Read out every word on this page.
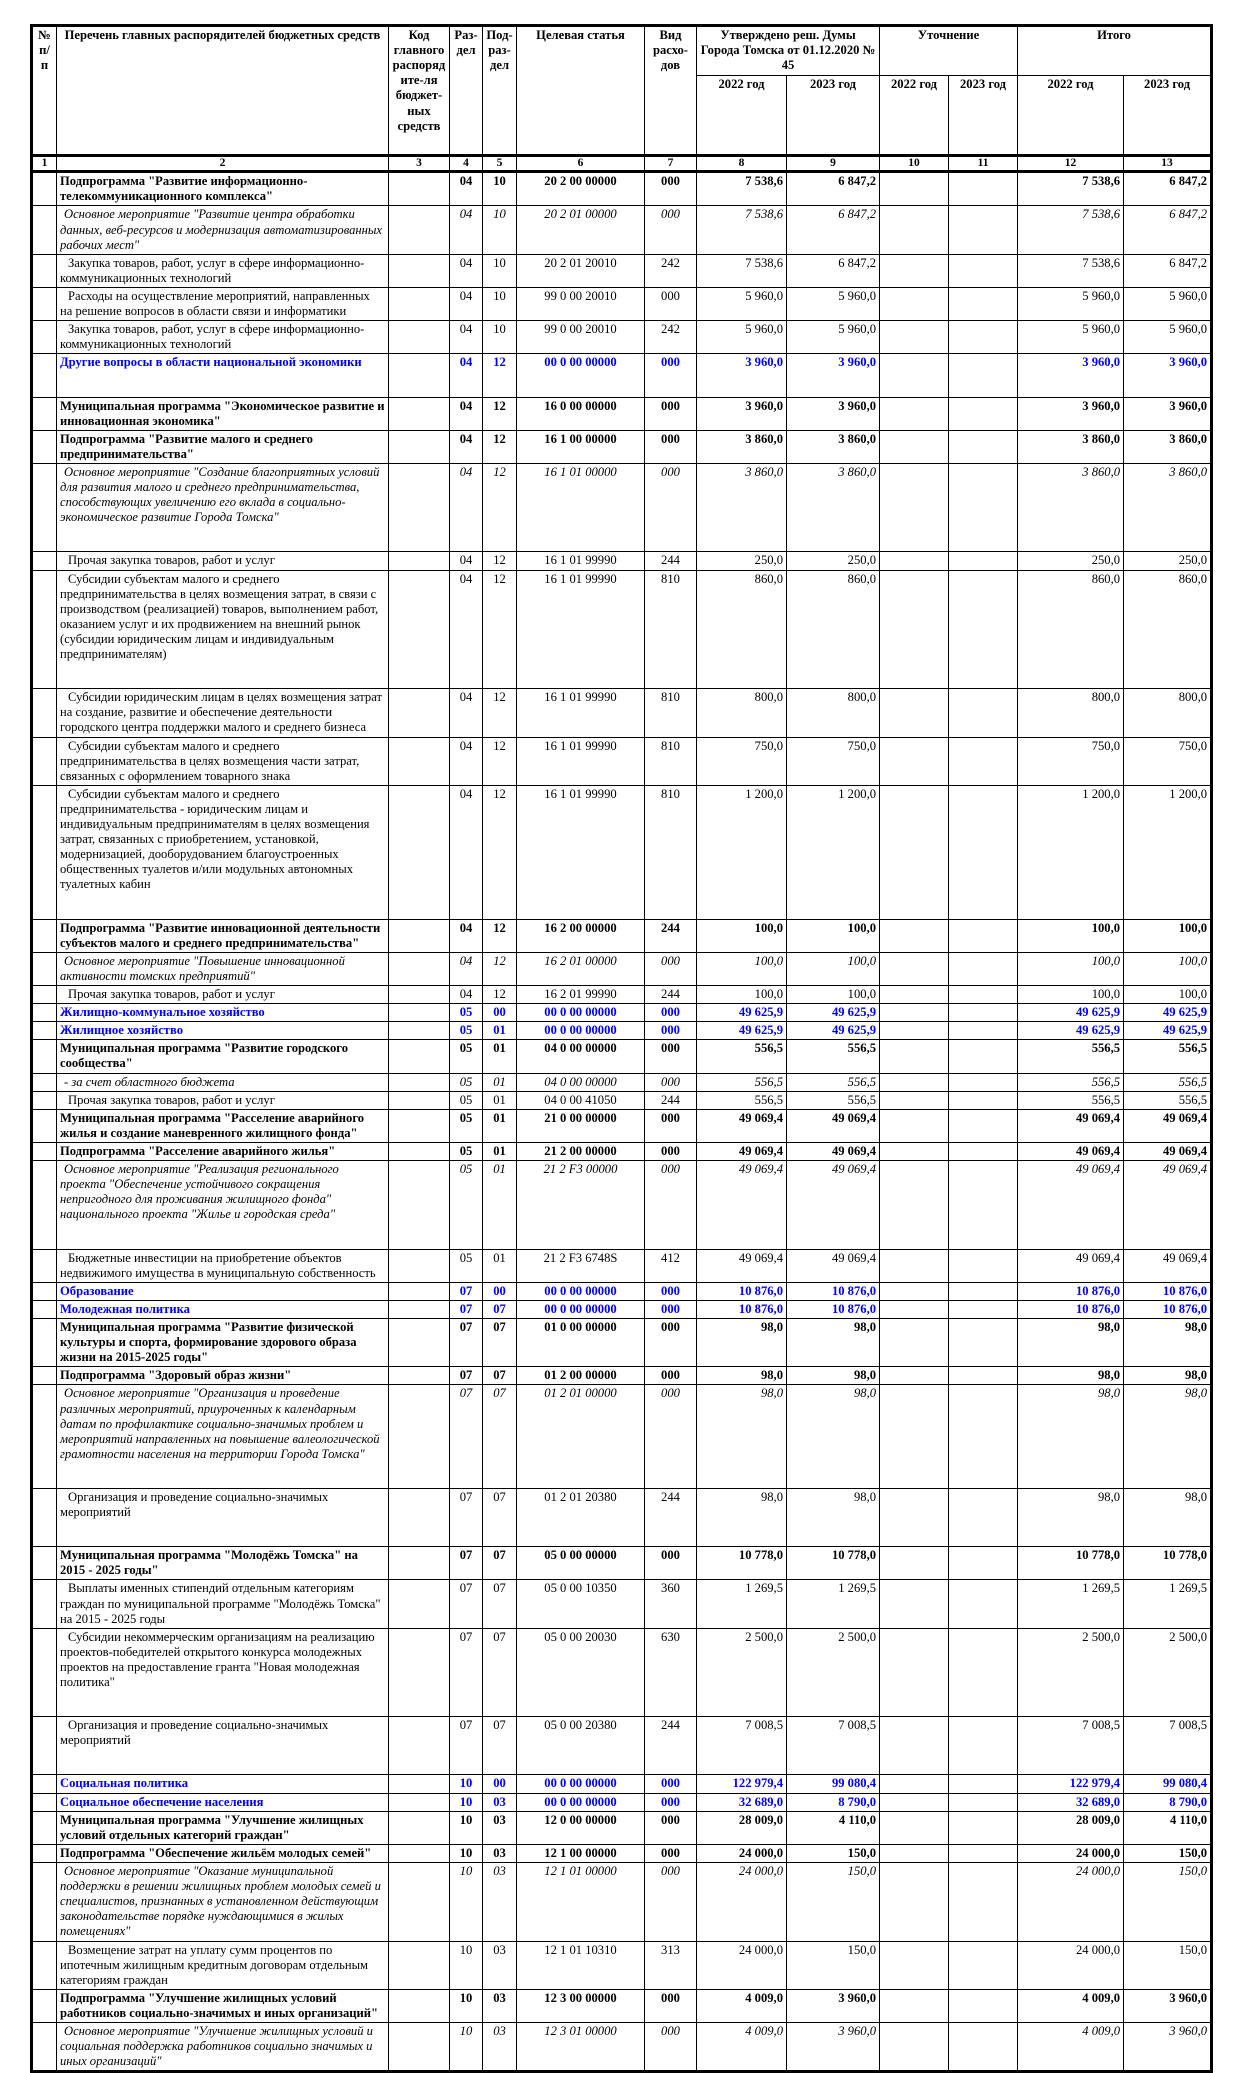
№ п/п	Перечень главных распорядителей бюджетных средств	Код главного распорядите-ля бюджет-ных средств	Раз-дел	Под-раз-дел	Целевая статья	Вид расхо-дов	Утверждено реш. Думы Города Томска от 01.12.2020 № 45		Уточнение		Итого	
							2022 год	2023 год	2022 год	2023 год	2022 год	2023 год
1	2	3	4	5	6	7	8	9	10	11	12	13
	Подпрограмма "Развитие информационно-телекоммуникационного комплекса"		04	10	20 2 00 00000	000	7 538,6	6 847,2			7 538,6	6 847,2
	Основное мероприятие "Развитие центра обработки данных, веб-ресурсов и модернизация автоматизированных рабочих мест"		04	10	20 2 01 00000	000	7 538,6	6 847,2			7 538,6	6 847,2
	Закупка товаров, работ, услуг в сфере информационно-коммуникационных технологий		04	10	20 2 01 20010	242	7 538,6	6 847,2			7 538,6	6 847,2
	Расходы на осуществление мероприятий, направленных на решение вопросов в области связи и информатики		04	10	99 0 00 20010	000	5 960,0	5 960,0			5 960,0	5 960,0
	Закупка товаров, работ, услуг в сфере информационно-коммуникационных технологий		04	10	99 0 00 20010	242	5 960,0	5 960,0			5 960,0	5 960,0
	Другие вопросы в области национальной экономики		04	12	00 0 00 00000	000	3 960,0	3 960,0			3 960,0	3 960,0
	Муниципальная программа "Экономическое развитие и инновационная экономика"		04	12	16 0 00 00000	000	3 960,0	3 960,0			3 960,0	3 960,0
	Подпрограмма "Развитие малого и среднего предпринимательства"		04	12	16 1 00 00000	000	3 860,0	3 860,0			3 860,0	3 860,0
	Основное мероприятие "Создание благоприятных условий для развития малого и среднего предпринимательства, способствующих увеличению его вклада в социально-экономическое развитие Города Томска"		04	12	16 1 01 00000	000	3 860,0	3 860,0			3 860,0	3 860,0
	Прочая закупка товаров, работ и услуг		04	12	16 1 01 99990	244	250,0	250,0			250,0	250,0
	Субсидии субъектам малого и среднего предпринимательства в целях возмещения затрат, в связи с производством (реализацией) товаров, выполнением работ, оказанием услуг и их продвижением на внешний рынок (субсидии юридическим лицам и индивидуальным предпринимателям)		04	12	16 1 01 99990	810	860,0	860,0			860,0	860,0
	Субсидии юридическим лицам в целях возмещения затрат на создание, развитие и обеспечение деятельности городского центра поддержки малого и среднего бизнеса		04	12	16 1 01 99990	810	800,0	800,0			800,0	800,0
	Субсидии субъектам малого и среднего предпринимательства в целях возмещения части затрат, связанных с оформлением товарного знака		04	12	16 1 01 99990	810	750,0	750,0			750,0	750,0
	Субсидии субъектам малого и среднего предпринимательства - юридическим лицам и индивидуальным предпринимателям в целях возмещения затрат, связанных с приобретением, установкой, модернизацией, дооборудованием благоустроенных общественных туалетов и/или модульных автономных туалетных кабин		04	12	16 1 01 99990	810	1 200,0	1 200,0			1 200,0	1 200,0
	Подпрограмма "Развитие инновационной деятельности субъектов малого и среднего предпринимательства"		04	12	16 2 00 00000	244	100,0	100,0			100,0	100,0
	Основное мероприятие "Повышение инновационной активности томских предприятий"		04	12	16 2 01 00000	000	100,0	100,0			100,0	100,0
	Прочая закупка товаров, работ и услуг		04	12	16 2 01 99990	244	100,0	100,0			100,0	100,0
	Жилищно-коммунальное хозяйство		05	00	00 0 00 00000	000	49 625,9	49 625,9			49 625,9	49 625,9
	Жилищное хозяйство		05	01	00 0 00 00000	000	49 625,9	49 625,9			49 625,9	49 625,9
	Муниципальная программа "Развитие городского сообщества"		05	01	04 0 00 00000	000	556,5	556,5			556,5	556,5
	- за счет областного бюджета		05	01	04 0 00 00000	000	556,5	556,5			556,5	556,5
	Прочая закупка товаров, работ и услуг		05	01	04 0 00 41050	244	556,5	556,5			556,5	556,5
	Муниципальная программа "Расселение аварийного жилья и создание маневренного жилищного фонда"		05	01	21 0 00 00000	000	49 069,4	49 069,4			49 069,4	49 069,4
	Подпрограмма "Расселение аварийного жилья"		05	01	21 2 00 00000	000	49 069,4	49 069,4			49 069,4	49 069,4
	Основное мероприятие "Реализация регионального проекта "Обеспечение устойчивого сокращения непригодного для проживания жилищного фонда" национального проекта "Жилье и городская среда"		05	01	21 2 F3 00000	000	49 069,4	49 069,4			49 069,4	49 069,4
	Бюджетные инвестиции на приобретение объектов недвижимого имущества в муниципальную собственность		05	01	21 2 F3 6748S	412	49 069,4	49 069,4			49 069,4	49 069,4
	Образование		07	00	00 0 00 00000	000	10 876,0	10 876,0			10 876,0	10 876,0
	Молодежная политика		07	07	00 0 00 00000	000	10 876,0	10 876,0			10 876,0	10 876,0
	Муниципальная программа "Развитие физической культуры и спорта, формирование здорового образа жизни на 2015-2025 годы"		07	07	01 0 00 00000	000	98,0	98,0			98,0	98,0
	Подпрограмма "Здоровый образ жизни"		07	07	01 2 00 00000	000	98,0	98,0			98,0	98,0
	Основное мероприятие "Организация и проведение различных мероприятий, приуроченных к календарным датам по профилактике социально-значимых проблем и мероприятий направленных на повышение валеологической грамотности населения на территории Города Томска"		07	07	01 2 01 00000	000	98,0	98,0			98,0	98,0
	Организация и проведение социально-значимых мероприятий		07	07	01 2 01 20380	244	98,0	98,0			98,0	98,0
	Муниципальная программа "Молодёжь Томска" на 2015 - 2025 годы"		07	07	05 0 00 00000	000	10 778,0	10 778,0			10 778,0	10 778,0
	Выплаты именных стипендий отдельным категориям граждан по муниципальной программе "Молодёжь Томска" на 2015 - 2025 годы		07	07	05 0 00 10350	360	1 269,5	1 269,5			1 269,5	1 269,5
	Субсидии некоммерческим организациям на реализацию проектов-победителей открытого конкурса молодежных проектов на предоставление гранта "Новая молодежная политика"		07	07	05 0 00 20030	630	2 500,0	2 500,0			2 500,0	2 500,0
	Организация и проведение социально-значимых мероприятий		07	07	05 0 00 20380	244	7 008,5	7 008,5			7 008,5	7 008,5
	Социальная политика		10	00	00 0 00 00000	000	122 979,4	99 080,4			122 979,4	99 080,4
	Социальное обеспечение населения		10	03	00 0 00 00000	000	32 689,0	8 790,0			32 689,0	8 790,0
	Муниципальная программа "Улучшение жилищных условий отдельных категорий граждан"		10	03	12 0 00 00000	000	28 009,0	4 110,0			28 009,0	4 110,0
	Подпрограмма "Обеспечение жильём молодых семей"		10	03	12 1 00 00000	000	24 000,0	150,0			24 000,0	150,0
	Основное мероприятие "Оказание муниципальной поддержки в решении жилищных проблем молодых семей и специалистов, признанных в установленном действующим законодательстве порядке нуждающимися в жилых помещениях"		10	03	12 1 01 00000	000	24 000,0	150,0			24 000,0	150,0
	Возмещение затрат на уплату сумм процентов по ипотечным жилищным кредитным договорам отдельным категориям граждан		10	03	12 1 01 10310	313	24 000,0	150,0			24 000,0	150,0
	Подпрограмма "Улучшение жилищных условий работников социально-значимых и иных организаций"		10	03	12 3 00 00000	000	4 009,0	3 960,0			4 009,0	3 960,0
	Основное мероприятие "Улучшение жилищных условий и социальная поддержка работников социально значимых и иных организаций"		10	03	12 3 01 00000	000	4 009,0	3 960,0			4 009,0	3 960,0
